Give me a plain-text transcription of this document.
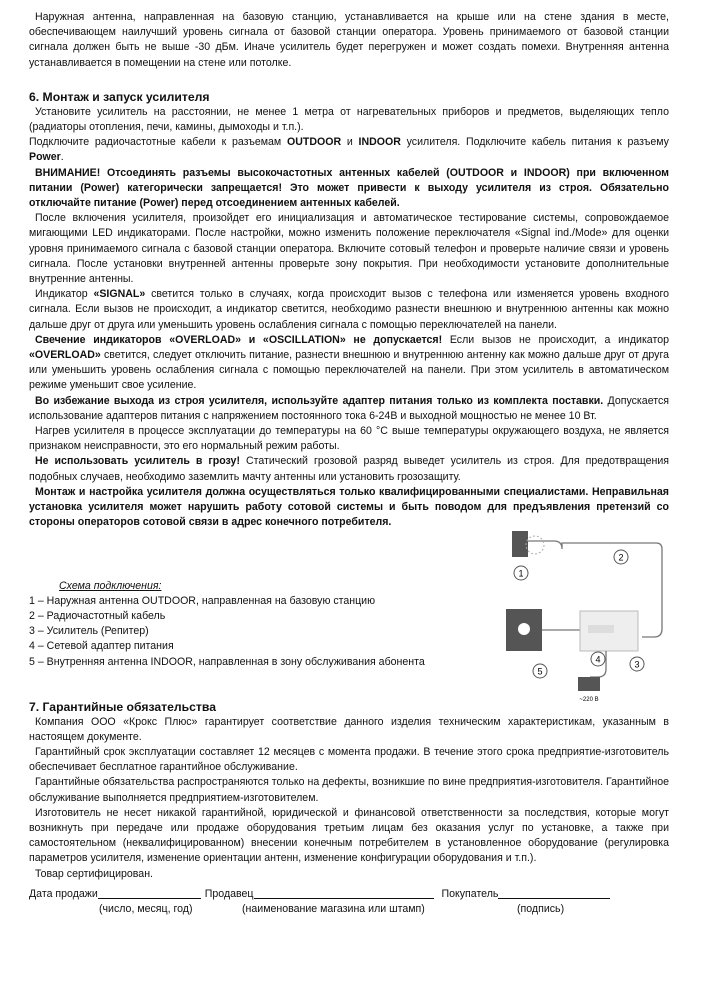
Наружная антенна, направленная на базовую станцию, устанавливается на крыше или на стене здания в месте, обеспечивающем наилучший уровень сигнала от базовой станции оператора. Уровень принимаемого от базовой станции сигнала должен быть не выше -30 дБм. Иначе усилитель будет перегружен и может создать помехи. Внутренняя антенна устанавливается в помещении на стене или потолке.

6. Монтаж и запуск усилителя

Установите усилитель на расстоянии, не менее 1 метра от нагревательных приборов и предметов, выделяющих тепло (радиаторы отопления, печи, камины, дымоходы и т.п.).

Подключите радиочастотные кабели к разъемам OUTDOOR и INDOOR усилителя. Подключите кабель питания к разъему Power.

ВНИМАНИЕ! Отсоединять разъемы высокочастотных антенных кабелей (OUTDOOR и INDOOR) при включенном питании (Power) категорически запрещается! Это может привести к выходу усилителя из строя. Обязательно отключайте питание (Power) перед отсоединением антенных кабелей.

После включения усилителя, произойдет его инициализация и автоматическое тестирование системы, сопровождаемое мигающими LED индикаторами. После настройки, можно изменить положение переключателя «Signal ind./Mode» для оценки уровня принимаемого сигнала с базовой станции оператора. Включите сотовый телефон и проверьте наличие связи и уровень сигнала. После установки внутренней антенны проверьте зону покрытия. При необходимости установите дополнительные внутренние антенны.

Индикатор «SIGNAL» светится только в случаях, когда происходит вызов с телефона или изменяется уровень входного сигнала. Если вызов не происходит, а индикатор светится, необходимо разнести внешнюю и внутреннюю антенны как можно дальше друг от друга или уменьшить уровень ослабления сигнала с помощью переключателей на панели.

Свечение индикаторов «OVERLOAD» и «OSCILLATION» не допускается! Если вызов не происходит, а индикатор «OVERLOAD» светится, следует отключить питание, разнести внешнюю и внутреннюю антенну как можно дальше друг от друга или уменьшить уровень ослабления сигнала с помощью переключателей на панели. При этом усилитель в автоматическом режиме уменьшит свое усиление.

Во избежание выхода из строя усилителя, используйте адаптер питания только из комплекта поставки. Допускается использование адаптеров питания с напряжением постоянного тока 6-24В и выходной мощностью не менее 10 Вт.

Нагрев усилителя в процессе эксплуатации до температуры на 60 °С выше температуры окружающего воздуха, не является признаком неисправности, это его нормальный режим работы.

Не использовать усилитель в грозу! Статический грозовой разряд выведет усилитель из строя. Для предотвращения подобных случаев, необходимо заземлить мачту антенны или установить грозозащиту.

Монтаж и настройка усилителя должна осуществляться только квалифицированными специалистами. Неправильная установка усилителя может нарушить работу сотовой системы и быть поводом для предъявления претензий со стороны операторов сотовой связи в адрес конечного потребителя.

Схема подключения:
1 – Наружная антенна OUTDOOR, направленная на базовую станцию
2 – Радиочастотный кабель
3 – Усилитель (Репитер)
4 – Сетевой адаптер питания
5 – Внутренняя антенна INDOOR, направленная в зону обслуживания абонента
1
2
3
4
5
~220 В
7. Гарантийные обязательства

Компания ООО «Крокс Плюс» гарантирует соответствие данного изделия техническим характеристикам, указанным в настоящем документе.

Гарантийный срок эксплуатации составляет 12 месяцев с момента продажи. В течение этого срока предприятие-изготовитель обеспечивает бесплатное гарантийное обслуживание.

Гарантийные обязательства распространяются только на дефекты, возникшие по вине предприятия-изготовителя. Гарантийное обслуживание выполняется предприятием-изготовителем.

Изготовитель не несет никакой гарантийной, юридической и финансовой ответственности за последствия, которые могут возникнуть при передаче или продаже оборудования третьим лицам без оказания услуг по установке, а также при самостоятельном (неквалифицированном) внесении конечным потребителем в установленное оборудование (регулировка параметров усилителя, изменение ориентации антенн, изменение конфигурации оборудования и т.п.).

Товар сертифицирован.

Дата продажи	Продавец	Покупатель
(число, месяц, год)	(наименование магазина или штамп)	(подпись)
